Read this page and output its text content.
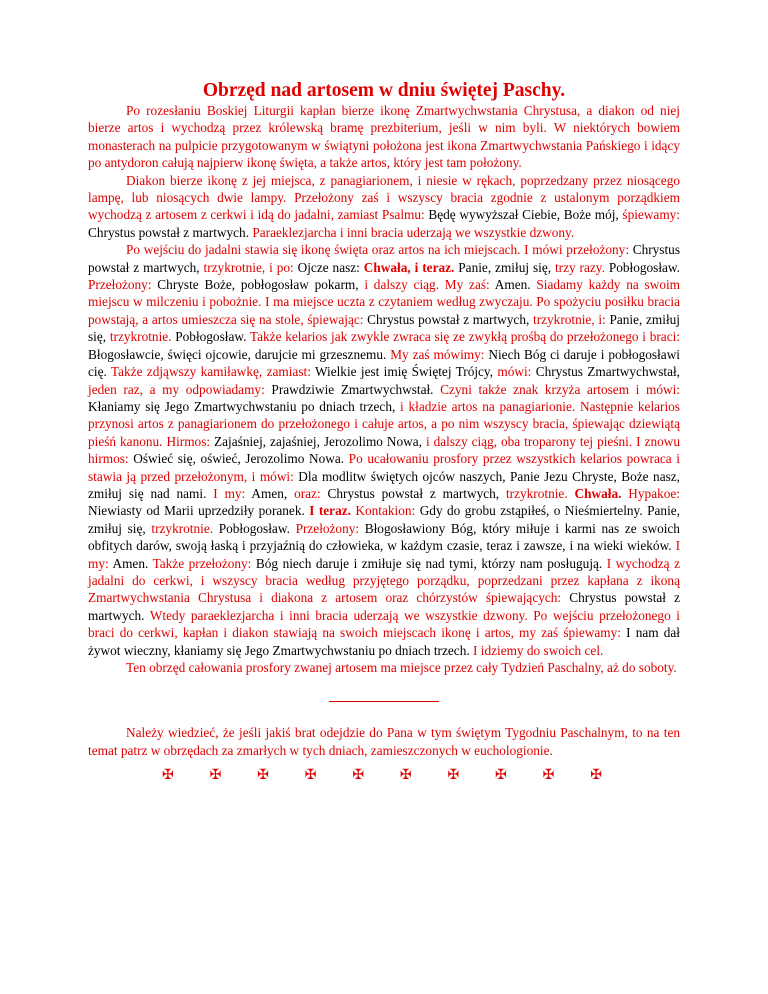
Obrzęd nad artosem w dniu świętej Paschy.

Po rozesłaniu Boskiej Liturgii kapłan bierze ikonę Zmartwychwstania Chrystusa, a diakon od niej bierze artos i wychodzą przez królewską bramę prezbiterium, jeśli w nim byli. W niektórych bowiem monasterach na pulpicie przygotowanym w świątyni położona jest ikona Zmartwychwstania Pańskiego i idący po antydoron całują najpierw ikonę święta, a także artos, który jest tam położony.

Diakon bierze ikonę z jej miejsca, z panagiarionem, i niesie w rękach, poprzedzany przez niosącego lampę, lub niosących dwie lampy. Przełożony zaś i wszyscy bracia zgodnie z ustalonym porządkiem wychodzą z artosem z cerkwi i idą do jadalni, zamiast Psalmu: Będę wywyższał Ciebie, Boże mój, śpiewamy: Chrystus powstał z martwych. Paraeklezjarcha i inni bracia uderzają we wszystkie dzwony.

Po wejściu do jadalni stawia się ikonę święta oraz artos na ich miejscach. I mówi przełożony: Chrystus powstał z martwych, trzykrotnie, i po: Ojcze nasz: Chwała, i teraz. Panie, zmiłuj się, trzy razy. Pobłogosław. Przełożony: Chryste Boże, pobłogosław pokarm, i dalszy ciąg. My zaś: Amen. Siadamy każdy na swoim miejscu w milczeniu i pobożnie. I ma miejsce uczta z czytaniem według zwyczaju. Po spożyciu posiłku bracia powstają, a artos umieszcza się na stole, śpiewając: Chrystus powstał z martwych, trzykrotnie, i: Panie, zmiłuj się, trzykrotnie. Pobłogosław. Także kelarios jak zwykle zwraca się ze zwykłą prośbą do przełożonego i braci: Błogosławcie, święci ojcowie, darujcie mi grzesznemu. My zaś mówimy: Niech Bóg ci daruje i pobłogosławi cię. Także zdjąwszy kamiławkę, zamiast: Wielkie jest imię Świętej Trójcy, mówi: Chrystus Zmartwychwstał, jeden raz, a my odpowiadamy: Prawdziwie Zmartwychwstał. Czyni także znak krzyża artosem i mówi: Kłaniamy się Jego Zmartwychwstaniu po dniach trzech, i kładzie artos na panagiarionie. Następnie kelarios przynosi artos z panagiarionem do przełożonego i całuje artos, a po nim wszyscy bracia, śpiewając dziewiątą pieśń kanonu. Hirmos: Zajaśniej, zajaśniej, Jerozolimo Nowa, i dalszy ciąg, oba troparony tej pieśni. I znowu hirmos: Oświeć się, oświeć, Jerozolimo Nowa. Po ucałowaniu prosfory przez wszystkich kelarios powraca i stawia ją przed przełożonym, i mówi: Dla modlitw świętych ojców naszych, Panie Jezu Chryste, Boże nasz, zmiłuj się nad nami. I my: Amen, oraz: Chrystus powstał z martwych, trzykrotnie. Chwała. Hypakoe: Niewiasty od Marii uprzedziły poranek. I teraz. Kontakion: Gdy do grobu zstąpiłeś, o Nieśmiertelny. Panie, zmiłuj się, trzykrotnie. Pobłogosław. Przełożony: Błogosławiony Bóg, który miłuje i karmi nas ze swoich obfitych darów, swoją łaską i przyjaźnią do człowieka, w każdym czasie, teraz i zawsze, i na wieki wieków. I my: Amen. Także przełożony: Bóg niech daruje i zmiłuje się nad tymi, którzy nam posługują. I wychodzą z jadalni do cerkwi, i wszyscy bracia według przyjętego porządku, poprzedzani przez kapłana z ikoną Zmartwychwstania Chrystusa i diakona z artosem oraz chórzystów śpiewających: Chrystus powstał z martwych. Wtedy paraeklezjarcha i inni bracia uderzają we wszystkie dzwony. Po wejściu przełożonego i braci do cerkwi, kapłan i diakon stawiają na swoich miejscach ikonę i artos, my zaś śpiewamy: I nam dał żywot wieczny, kłaniamy się Jego Zmartwychwstaniu po dniach trzech. I idziemy do swoich cel.

Ten obrzęd całowania prosfory zwanej artosem ma miejsce przez cały Tydzień Paschalny, aż do soboty.

Należy wiedzieć, że jeśli jakiś brat odejdzie do Pana w tym świętym Tygodniu Paschalnym, to na ten temat patrz w obrzędach za zmarłych w tych dniach, zamieszczonych w euchologionie.

✠	✠	✠	✠	✠	✠	✠	✠	✠	✠
